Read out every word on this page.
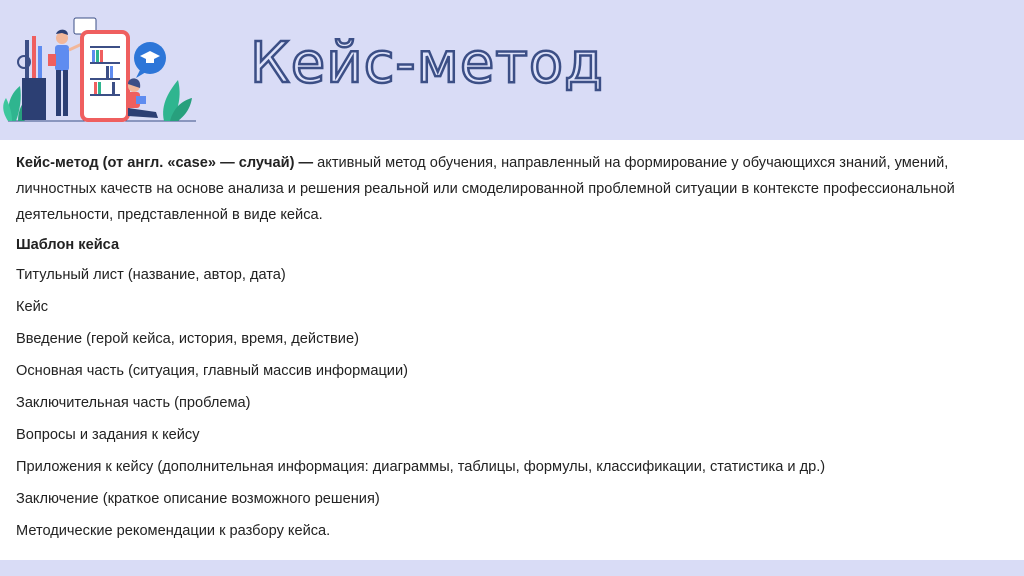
Кейс-метод

Кейс-метод (от англ. «case» — случай) — активный метод обучения, направленный на формирование у обучающихся знаний, умений, личностных качеств на основе анализа и решения реальной или смоделированной проблемной ситуации в контексте профессиональной деятельности, представленной в виде кейса.

Шаблон кейса

Титульный лист (название, автор, дата)

Кейс

Введение (герой кейса, история, время, действие)

Основная часть (ситуация, главный массив информации)

Заключительная часть (проблема)

Вопросы и задания к кейсу

Приложения к кейсу (дополнительная информация: диаграммы, таблицы, формулы, классификации, статистика и др.)

Заключение (краткое описание возможного решения)

Методические рекомендации к разбору кейса.
